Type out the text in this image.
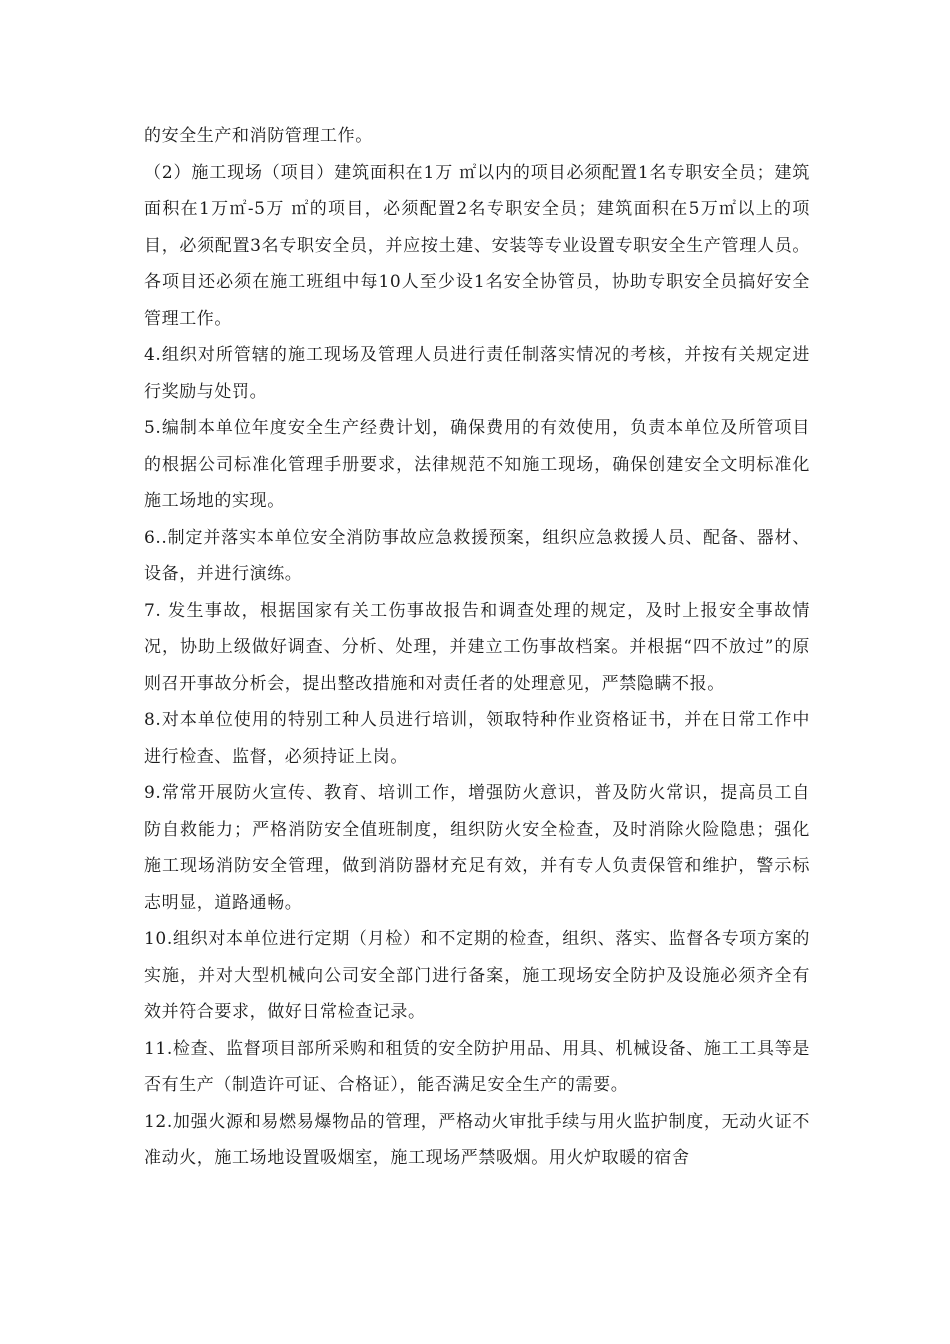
的安全生产和消防管理工作。

（2）施工现场（项目）建筑面积在1万 ㎡以内的项目必须配置1名专职安全员；建筑面积在1万㎡-5万 ㎡的项目，必须配置2名专职安全员；建筑面积在5万㎡以上的项目，必须配置3名专职安全员，并应按土建、安装等专业设置专职安全生产管理人员。各项目还必须在施工班组中每10人至少设1名安全协管员，协助专职安全员搞好安全管理工作。

4.组织对所管辖的施工现场及管理人员进行责任制落实情况的考核，并按有关规定进行奖励与处罚。

5.编制本单位年度安全生产经费计划，确保费用的有效使用，负责本单位及所管项目的根据公司标准化管理手册要求，法律规范不知施工现场，确保创建安全文明标准化施工场地的实现。

6..制定并落实本单位安全消防事故应急救援预案，组织应急救援人员、配备、器材、设备，并进行演练。

7. 发生事故，根据国家有关工伤事故报告和调查处理的规定，及时上报安全事故情况，协助上级做好调查、分析、处理，并建立工伤事故档案。并根据“四不放过”的原则召开事故分析会，提出整改措施和对责任者的处理意见，严禁隐瞒不报。

8.对本单位使用的特别工种人员进行培训，领取特种作业资格证书，并在日常工作中进行检查、监督，必须持证上岗。

9.常常开展防火宣传、教育、培训工作，增强防火意识，普及防火常识，提高员工自防自救能力；严格消防安全值班制度，组织防火安全检查，及时消除火险隐患；强化施工现场消防安全管理，做到消防器材充足有效，并有专人负责保管和维护，警示标志明显，道路通畅。

10.组织对本单位进行定期（月检）和不定期的检查，组织、落实、监督各专项方案的实施，并对大型机械向公司安全部门进行备案，施工现场安全防护及设施必须齐全有效并符合要求，做好日常检查记录。

11.检查、监督项目部所采购和租赁的安全防护用品、用具、机械设备、施工工具等是否有生产（制造许可证、合格证），能否满足安全生产的需要。

12.加强火源和易燃易爆物品的管理，严格动火审批手续与用火监护制度，无动火证不准动火，施工场地设置吸烟室，施工现场严禁吸烟。用火炉取暖的宿舍
